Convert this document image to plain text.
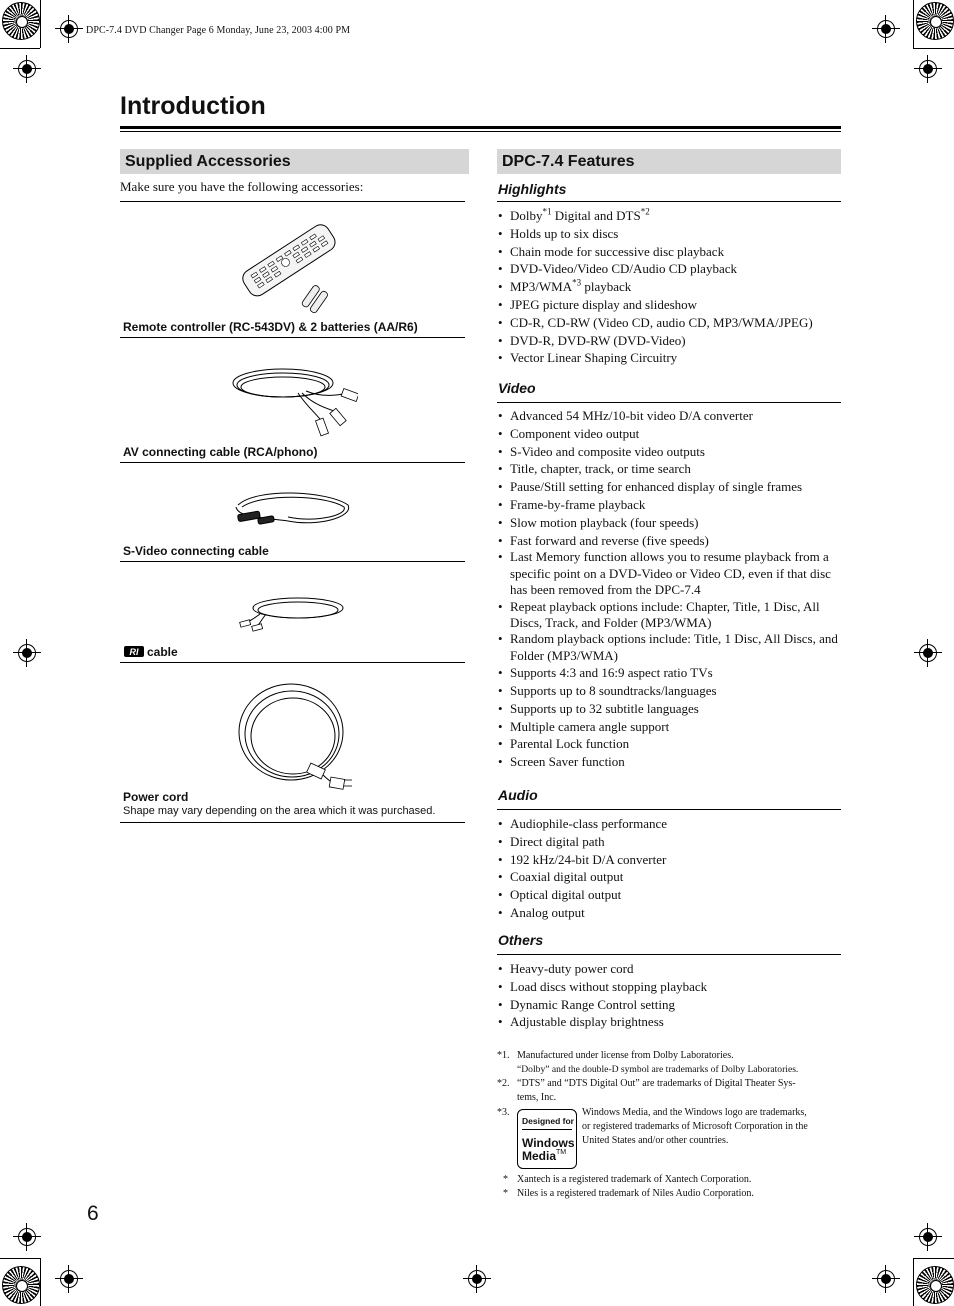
DPC-7.4 DVD Changer Page 6 Monday, June 23, 2003 4:00 PM
Introduction
Supplied Accessories
Make sure you have the following accessories:
Remote controller (RC-543DV) & 2 batteries (AA/R6)
AV connecting cable (RCA/phono)
S-Video connecting cable
RI cable
Power cord
Shape may vary depending on the area which it was purchased.
DPC-7.4 Features
Highlights
• Dolby$^{*1}$ Digital and DTS$^{*2}$
• Holds up to six discs
• Chain mode for successive disc playback
• DVD-Video/Video CD/Audio CD playback
• MP3/WMA$^{*3}$ playback
• JPEG picture display and slideshow
• CD-R, CD-RW (Video CD, audio CD, MP3/WMA/JPEG)
• DVD-R, DVD-RW (DVD-Video)
• Vector Linear Shaping Circuitry
Video
• Advanced 54 MHz/10-bit video D/A converter
• Component video output
• S-Video and composite video outputs
• Title, chapter, track, or time search
• Pause/Still setting for enhanced display of single frames
• Frame-by-frame playback
• Slow motion playback (four speeds)
• Fast forward and reverse (five speeds)
• Last Memory function allows you to resume playback from a specific point on a DVD-Video or Video CD, even if that disc has been removed from the DPC-7.4
• Repeat playback options include: Chapter, Title, 1 Disc, All Discs, Track, and Folder (MP3/WMA)
• Random playback options include: Title, 1 Disc, All Discs, and Folder (MP3/WMA)
• Supports 4:3 and 16:9 aspect ratio TVs
• Supports up to 8 soundtracks/languages
• Supports up to 32 subtitle languages
• Multiple camera angle support
• Parental Lock function
• Screen Saver function
Audio
• Audiophile-class performance
• Direct digital path
• 192 kHz/24-bit D/A converter
• Coaxial digital output
• Optical digital output
• Analog output
Others
• Heavy-duty power cord
• Load discs without stopping playback
• Dynamic Range Control setting
• Adjustable display brightness
*1. Manufactured under license from Dolby Laboratories.
“Dolby” and the double-D symbol are trademarks of Dolby Laboratories.
*2. “DTS” and “DTS Digital Out” are trademarks of Digital Theater Sys-
tems, Inc.
*3.	Windows Media, and the Windows logo are trademarks,
or registered trademarks of Microsoft Corporation in the
United States and/or other countries.
Designed for
Windows
Media™
* Xantech is a registered trademark of Xantech Corporation.
* Niles is a registered trademark of Niles Audio Corporation.
6
